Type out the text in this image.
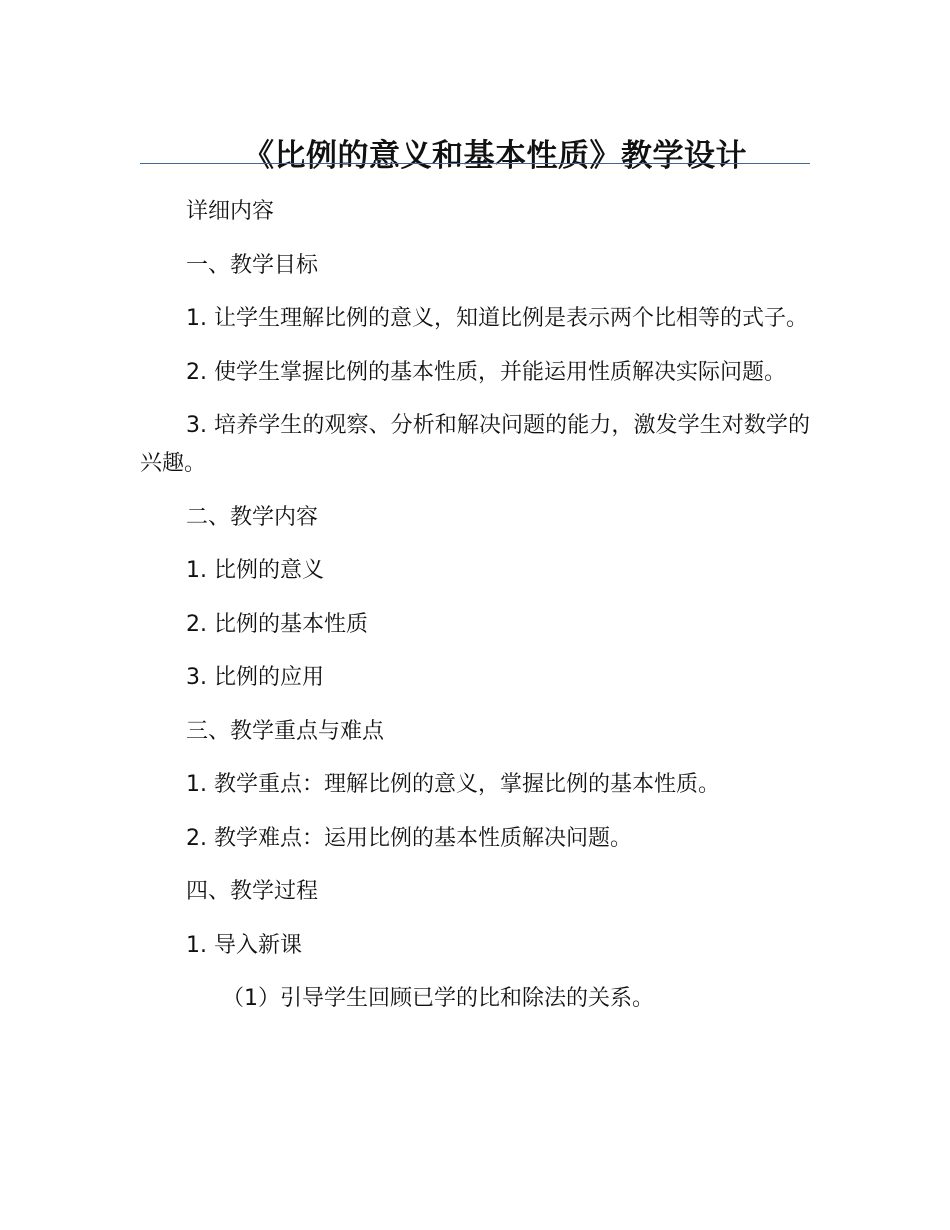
《比例的意义和基本性质》教学设计

详细内容

一、教学目标

1. 让学生理解比例的意义，知道比例是表示两个比相等的式子。

2. 使学生掌握比例的基本性质，并能运用性质解决实际问题。

3. 培养学生的观察、分析和解决问题的能力，激发学生对数学的兴趣。

二、教学内容

1. 比例的意义

2. 比例的基本性质

3. 比例的应用

三、教学重点与难点

1. 教学重点：理解比例的意义，掌握比例的基本性质。

2. 教学难点：运用比例的基本性质解决问题。

四、教学过程

1. 导入新课

（1）引导学生回顾已学的比和除法的关系。
